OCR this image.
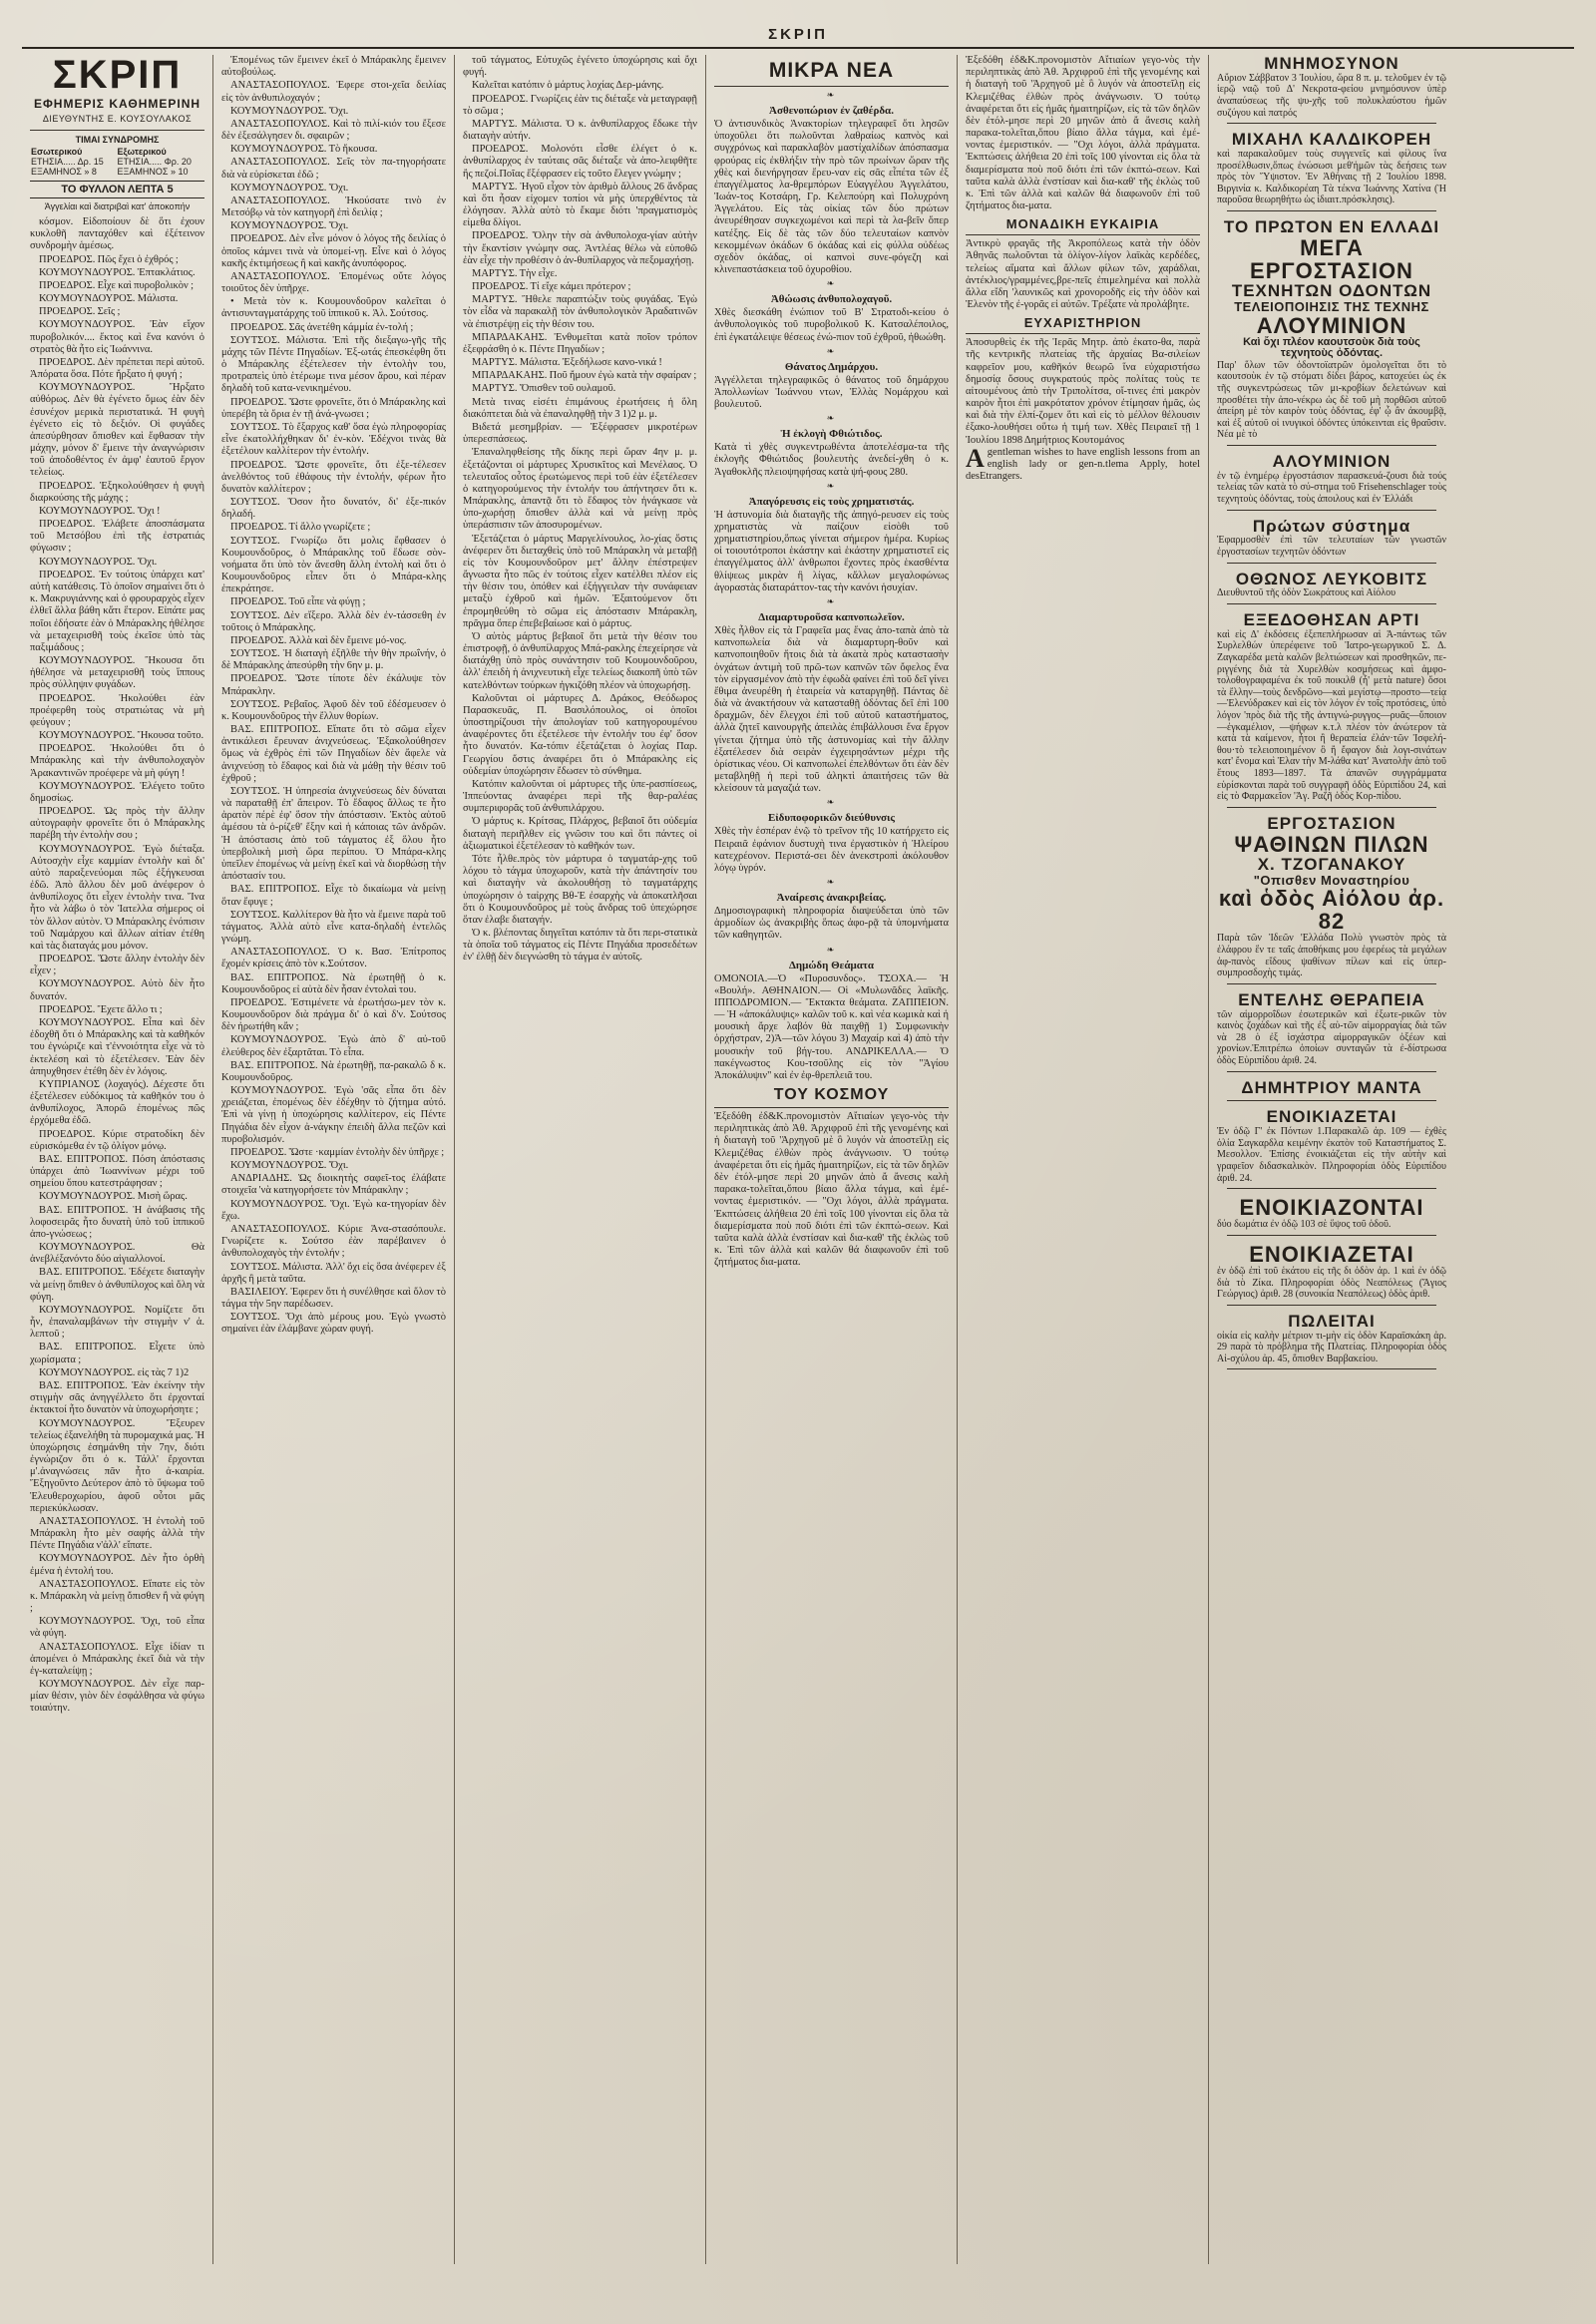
ΣΚΡΙΠ
ΣΚΡΙΠ
ΕΦΗΜΕΡΙΣ ΚΑΘΗΜΕΡΙΝΗ
ΔΙΕΥΘΥΝΤΗΣ Ε. ΚΟΥΣΟΥΛΑΚΟΣ
ΤΙΜΑΙ ΣΥΝΔΡΟΜΗΣ
Εσωτερικού	Εξωτερικού
ΕΤΗΣΙΑ..... Δρ. 15	ΕΤΗΣΙΑ..... Φρ. 20
ΕΞΑΜΗΝΟΣ » 8	ΕΞΑΜΗΝΟΣ » 10
ΤΟ ΦΥΛΛΟΝ ΛΕΠΤΑ 5
Άγγελίαι καὶ διατριβαὶ κατ' ἀποκοπήν

κόσμον. Εἰδοποίουν δὲ ὅτι ἐχουν κυκλοθῆ πανταχόθεν καὶ ἐξέτεινον συνδρομὴν ἁμέσως.

ΠΡΟΕΔΡΟΣ. Πῶς ἔχει ὁ ἐχθρός ;

ΚΟΥΜΟΥΝΔΟΥΡΟΣ. Ἑπτακλάτιος.

ΠΡΟΕΔΡΟΣ. Εἶχε καὶ πυροβολικὸν ;

ΚΟΥΜΟΥΝΔΟΥΡΟΣ. Μάλιστα.

ΠΡΟΕΔΡΟΣ. Σεῖς ;

ΚΟΥΜΟΥΝΔΟΥΡΟΣ. Ἐὰν εἴχον πυροβολικόν.... ἔκτος καὶ ἕνα κανόνι ὁ στρατὸς θὰ ἦτο εἰς Ἰωάννινα.

ΠΡΟΕΔΡΟΣ. Δὲν πρέπεται περὶ αὐτοῦ. Ἀπόρατα ὅσα. Πότε ἤρξατο ἡ φυγή ;

ΚΟΥΜΟΥΝΔΟΥΡΟΣ. Ἤρξατο αὐθόρως. Δὲν θὰ ἐγένετο ὅμως ἐὰν δὲν ἐσυνέχον μερικὰ περιστατικά. Ἡ φυγὴ ἐγένετο εἰς τὸ δεξιόν. Οἱ φυγάδες ἀπεσύρθησαν ὅπισθεν καὶ ἔφθασαν τὴν μάχην, μόνον δ' ἔμεινε τὴν ἀναγνώρισιν τοῦ ἀποδοθέντος ἐν ἀμφ' ἑαυτοῦ ἔργον τελείως.

ΠΡΟΕΔΡΟΣ. Ἐξηκολούθησεν ἡ φυγὴ διαρκούσης τῆς μάχης ;

ΚΟΥΜΟΥΝΔΟΥΡΟΣ. Ὄχι !

ΠΡΟΕΔΡΟΣ. Ἐλάβετε ἀποσπάσματα τοῦ Μετσόβου ἐπὶ τῆς ἐστρατιάς φύγωσιν ;

ΚΟΥΜΟΥΝΔΟΥΡΟΣ. Ὄχι.

ΠΡΟΕΔΡΟΣ. Ἐν τούτοις ὑπάρχει κατ' αὐτὴ κατάθεσις. Τὸ ὁποῖον σημαίνει ὅτι ὁ κ. Μακρυγιάννης καὶ ὁ φρουραρχὸς εἶχεν ἐλθεῖ ἄλλα βάθη κἄτι ἕτερον. Εἰπάτε μας ποῖοι ἐδήσατε ἐὰν ὁ Μπάρακλης ἠθέλησε νὰ μεταχειρισθῆ τοὺς ἐκεῖσε ὑπὸ τὰς παξιμάδους ;

ΚΟΥΜΟΥΝΔΟΥΡΟΣ. Ἤκουσα ὅτι ἠθέλησε νὰ μεταχειρισθῆ τοὺς ἵππους πρὸς σύλληψιν φυγάδων.

ΠΡΟΕΔΡΟΣ. Ἠκολούθει ἐὰν προέφερθη τοὺς στρατιώτας νὰ μὴ φεύγουν ;

ΚΟΥΜΟΥΝΔΟΥΡΟΣ. Ἤκουσα τοῦτο.

ΠΡΟΕΔΡΟΣ. Ἠκολούθει ὅτι ὁ Μπάρακλης καὶ τὴν ἀνθυπολοχαγὸν Ἀρακαντινῶν προέφερε νὰ μὴ φύγη !

ΚΟΥΜΟΥΝΔΟΥΡΟΣ. Ἐλέγετο τοῦτο δημοσίως.

ΠΡΟΕΔΡΟΣ. Ὡς πρὸς τὴν ἄλλην αὐτογραφὴν φρονεῖτε ὅτι ὁ Μπάρακλης παρέβη τὴν ἐντολὴν σου ;

ΚΟΥΜΟΥΝΔΟΥΡΟΣ. Ἐγὼ διέταξα. Αὐτοσχὴν εἶχε καμμίαν ἐντολὴν καὶ δι' αὐτὸ παραξενεύομαι πῶς ἐξήγκευσαι ἐδῶ. Ἀπὸ ἄλλου δὲν μοῦ ἀνέφερον ὁ ἀνθυπίλοχος ὅτι εἶχεν ἐντολὴν τινα. Ἵνα ἦτο νὰ λάβω ὁ τὸν Ἰατελλα σήμερος οἱ τὸν ἄλλον αὐτὸν. Ὁ Μπάρακλης ἐνόπισιν τοῦ Ναμάρχου καὶ ἄλλων αἰτίαν ἐτέθη καὶ τὰς διαταγάς μου μόνον.

ΠΡΟΕΔΡΟΣ. Ὥστε ἄλλην ἐντολὴν δὲν εἶχεν ;

ΚΟΥΜΟΥΝΔΟΥΡΟΣ. Αὐτὸ δὲν ἦτο δυνατόν.

ΠΡΟΕΔΡΟΣ. Ἔχετε ἄλλο τι ;

ΚΟΥΜΟΥΝΔΟΥΡΟΣ. Εἶπα καὶ δὲν ἐδοχθῆ ὅτι ὁ Μπάρακλης καὶ τὰ καθῆκόν του ἐγνώριζε καὶ τ'ἐννοιότητα εἶχε νὰ τὸ ἐκτελέση καὶ τὸ ἐξετέλεσεν. Ἐὰν δὲν ἀπηυχθησεν ἐτέθη δὲν ἐν λόγοις.

ΚΥΠΡΙΑΝΟΣ (λοχαγός). Δέχεστε ὅτι ἐξετέλεσεν εὐδόκιμος τὰ καθῆκόν του ὁ ἀνθυπίλοχος, Ἀπορῶ ἐπομένως πῶς ἐρχόμεθα ἐδῶ.

ΠΡΟΕΔΡΟΣ. Κύριε στρατοδίκη δὲν εὑρισκόμεθα ἐν τῷ ὀλίγον μόνῳ.

ΒΑΣ. ΕΠΙΤΡΟΠΟΣ. Πόση ἀπόστασις ὑπάρχει ἀπὸ Ἰωαννίνων μέχρι τοῦ σημείου ὅπου κατεστράφησαν ;

ΚΟΥΜΟΥΝΔΟΥΡΟΣ. Μισὴ ὥρας.

ΒΑΣ. ΕΠΙΤΡΟΠΟΣ. Ἡ ἀνάβασις τῆς λοφοσειρᾶς ἦτο δυνατὴ ὑπὸ τοῦ ἱππικοῦ ἀπο-γνώσεως ;

ΚΟΥΜΟΥΝΔΟΥΡΟΣ. Θὰ ἀνεβλέξανόντο δύο αἱγιαλλονοί.

ΒΑΣ. ΕΠΙΤΡΟΠΟΣ. Ἐδέχετε διαταγὴν νὰ μείνῃ ὄπιθεν ὁ ἀνθυπίλοχος καὶ ὅλη νὰ φύγη.

ΚΟΥΜΟΥΝΔΟΥΡΟΣ. Νομίζετε ὅτι ἦν, ἐπαναλαμβάνων τὴν στιγμὴν ν' ἀ. λεπτοῦ ;

ΒΑΣ. ΕΠΙΤΡΟΠΟΣ. Εἶχετε ὑπὸ χωρίσματα ;

ΚΟΥΜΟΥΝΔΟΥΡΟΣ. εἰς τὰς 7 1)2

ΒΑΣ. ΕΠΙΤΡΟΠΟΣ. Ἐὰν ἐκείνην τὴν στιγμὴν σᾶς ἀνηγγέλλετο ὅτι ἐρχονταί ἐκτακτοί ἦτο δυνατὸν νὰ ὑποχωρήσητε ;

ΚΟΥΜΟΥΝΔΟΥΡΟΣ. Ἔξευρεν τελείως ἐξανελήθη τὰ πυρομαχικά μας. Ἡ ὑποχώρησις ἐσημάνθη τὴν 7ην, διότι ἐγνώριζον ὅτι ὁ κ. Τάλλ' ἔρχονται μ'.ἀναγνώσεις πᾶν ἦτο ἀ-καιρία. Ἔξηγοῦντο Δεύτερον ἀπὸ τὸ ὕψωμα τοῦ Ἐλευθεροχωρίου, ἀφοῦ οὗτοι μᾶς περιεκύκλωσαν.

ΑΝΑΣΤΑΣΟΠΟΥΛΟΣ. Ἡ ἐντολὴ τοῦ Μπάρακλη ἦτο μὲν σαφής ἀλλὰ τὴν Πέντε Πηγάδια ν'ἀλλ' εἴπατε.

ΚΟΥΜΟΥΝΔΟΥΡΟΣ. Δὲν ἦτο ὀρθὴ ἐμένα ἡ ἐντολή του.

ΑΝΑΣΤΑΣΟΠΟΥΛΟΣ. Εἴπατε εἰς τὸν κ. Μπάρακλη νὰ μείνῃ ὄπισθεν ἢ νὰ φύγη ;

ΚΟΥΜΟΥΝΔΟΥΡΟΣ. Ὄχι, τοῦ εἶπα νὰ φύγη.

ΑΝΑΣΤΑΣΟΠΟΥΛΟΣ. Εἶχε ἰδίαν τι ἀπομένει ὁ Μπάρακλης ἐκεῖ διὰ νὰ τὴν ἐγ-καταλείψῃ ;

ΚΟΥΜΟΥΝΔΟΥΡΟΣ. Δὲν εἶχε παρ-μίαν θέσιν, γιὸν δὲν ἐσφάλθησα νὰ φύγω τοιαύτην.

Ἐπομένως τῶν ἔμεινεν ἐκεῖ ὁ Μπάρακλης ἔμεινεν αὐτοβούλως.

ΑΝΑΣΤΑΣΟΠΟΥΛΟΣ. Ἐφερε στοι-χεῖα δειλίας εἰς τὸν ἀνθυπιλοχαγόν ;

ΚΟΥΜΟΥΝΔΟΥΡΟΣ. Ὄχι.

ΑΝΑΣΤΑΣΟΠΟΥΛΟΣ. Καὶ τὸ πιλί-κιόν του ἔξεσε δὲν ἐξεσάλγησεν δι. σφαιρῶν ;

ΚΟΥΜΟΥΝΔΟΥΡΟΣ. Τὸ ἤκουσα.

ΑΝΑΣΤΑΣΟΠΟΥΛΟΣ. Σεῖς τὸν πα-τηγορήσατε διὰ νὰ εὑρίσκεται ἐδῶ ;

ΚΟΥΜΟΥΝΔΟΥΡΟΣ. Ὄχι.

ΑΝΑΣΤΑΣΟΠΟΥΛΟΣ. Ἠκούσατε τινὸ ἐν Μετσόβῳ νὰ τὸν κατηγορῆ ἐπὶ δειλίᾳ ;

ΚΟΥΜΟΥΝΔΟΥΡΟΣ. Ὄχι.

ΠΡΟΕΔΡΟΣ. Δὲν εἶνε μόνον ὁ λόγος τῆς δειλίας ὁ ὁποῖος κάμνει τινὰ νὰ ὑπομεί-νῃ. Εἶνε καὶ ὁ λόγος κακῆς ἐκτιμήσεως ἢ καὶ κακῆς ἀνυπόφορος.

ΑΝΑΣΤΑΣΟΠΟΥΛΟΣ. Ἐπομένως οὔτε λόγος τοιοῦτος δὲν ὑπῆρχε.

• Μετὰ τὸν κ. Κουμουνδοῦρον καλεῖται ὁ ἀντισυνταγματάρχης τοῦ ἱππικοῦ κ. Ἀλ. Σούτσος.

ΠΡΟΕΔΡΟΣ. Σᾶς ἀνετέθη κάμμία ἐν-τολή ;

ΣΟΥΤΣΟΣ. Μάλιστα. Ἐπὶ τῆς διεξαγω-γῆς τῆς μάχης τῶν Πέντε Πηγαδίων. Ἐξ-ωτάς ἐπεσκέφθη ὅτι ὁ Μπάρακλης ἐξέτελεσεν τὴν ἐντολὴν του, προτραπεὶς ὑπὸ ἑτέρωμε τινα μέσον ἄρου, καὶ πέραν δηλαδὴ τοῦ κατα-νενικημένου.

ΠΡΟΕΔΡΟΣ. Ὥστε φρονεῖτε, ὅτι ὁ Μπάρακλης καὶ ὑπερέβη τὰ ὅρια ἐν τῇ ἀνά-γνωσει ;

ΣΟΥΤΣΟΣ. Τὸ ἔξαρχος καθ' ὅσα ἐγὼ πληροφορίας εἶνε ἐκατολλήχθηκαν δι' ἐν-κὸν. Ἐδέχνοι τινὰς θὰ ἐξετέλουν καλλίτερον τὴν ἐντολήν.

ΠΡΟΕΔΡΟΣ. Ὥστε φρονεῖτε, ὅτι ἐξε-τέλεσεν ἀνελθόντος τοῦ ἐθάφους τὴν ἐντολήν, φέρων ἦτο δυνατὸν καλλίτερον ;

ΣΟΥΤΣΟΣ. Ὅσον ἦτο δυνατόν, δι' ἐξε-πικόν δηλαδή.

ΠΡΟΕΔΡΟΣ. Τί ἄλλο γνωρίζετε ;

ΣΟΥΤΣΟΣ. Γνωρίζω ὅτι μολις ἔφθασεν ὁ Κουμουνδοῦρος, ὁ Μπάρακλης τοῦ ἔδωσε σὸν-νοήματα ὅτι ὑπὸ τὸν ἄνεσθη ἄλλη ἐντολὴ καὶ ὅτι ὁ Κουμουνδοῦρος εἶπεν ὅτι ὁ Μπάρα-κλης ἐπεκράτησε.

ΠΡΟΕΔΡΟΣ. Τοῦ εἶπε νὰ φύγῃ ;

ΣΟΥΤΣΟΣ. Δὲν εἴξερο. Ἀλλὰ δὲν ἐν-τάσσεθη ἐν τοῦτοις ὁ Μπάρακλης.

ΠΡΟΕΔΡΟΣ. Ἀλλὰ καὶ δὲν ἔμεινε μό-νος.

ΣΟΥΤΣΟΣ. Ἡ διαταγὴ ἐξῆλθε τὴν θὴν πρωΐνήν, ὁ δὲ Μπάρακλης ἀπεσύρθη τὴν 6ην μ. μ.

ΠΡΟΕΔΡΟΣ. Ὥστε τίποτε δὲν ἐκάλυψε τὸν Μπάρακλην.

ΣΟΥΤΣΟΣ. Ρεβαῖος. Ἀφοῦ δὲν τοῦ ἐδέσμευσεν ὁ κ. Κουμουνδοῦρος τὴν ἔλλυν θορίων.

ΒΑΣ. ΕΠΙΤΡΟΠΟΣ. Εἴπατε ὅτι τὸ σῶμα εἶχεν ἀντικάλεσι ἔρευναν ἀνιχνεύσεως. Ἐξακολούθησεν ὅμως νὰ ἐχθρὸς ἐπὶ τῶν Πηγαδίων δὲν ἄφελε νὰ ἀνιχνεύσῃ τὸ ἔδαφος καὶ διὰ νὰ μάθῃ τὴν θέσιν τοῦ ἐχθροῦ ;

ΣΟΥΤΣΟΣ. Ἡ ὑπηρεσία ἀνιχνεύσεως δὲν δύναται νὰ παραταθῇ ἐπ' ἄπειρον. Τὸ ἔδαφος ἄλλως τε ἦτο ἀρατὸν πέρὲ ἐφ' ὅσον τὴν ἀπόστασιν. Ἐκτὸς αὐτοῦ ἀμέσου τὰ ὁ-ρίζεθ' ἕξην καὶ ἡ κάποιας τῶν ἀνδρῶν. Ἡ ἀπόστασις ἀπὸ τοῦ τάγματος ἐξ ὅλου ἦτο ὑπερβολικὴ μισὴ ὥρα περίπου. Ὁ Μπάρα-κλης ὑπεῖλεν ἐπομένως νὰ μείνῃ ἐκεῖ καὶ νὰ διορθώσῃ τὴν ἀπόστασίν του.

ΒΑΣ. ΕΠΙΤΡΟΠΟΣ. Εἶχε τὸ δικαίωμα νὰ μείνῃ ὅταν ἔφυγε ;

ΣΟΥΤΣΟΣ. Καλλίτερον θὰ ἦτο νὰ ἔμεινε παρὰ τοῦ τάγματος. Ἀλλὰ αὐτὸ εἶνε κατα-δηλαδὴ ἐντελῶς γνώμη.

ΑΝΑΣΤΑΣΟΠΟΥΛΟΣ. Ὁ κ. Βασ. Ἐπίτροπος ἔχομέν κρίσεις ἀπὸ τὸν κ.Σούτσον.

ΒΑΣ. ΕΠΙΤΡΟΠΟΣ. Νὰ ἐρωτηθῇ ὁ κ. Κουμουνδοῦρος εἰ αὐτὰ δὲν ἦσαν ἐντολαὶ του.

ΠΡΟΕΔΡΟΣ. Ἐστιμένετε νὰ ἐρωτήσω-μεν τὸν κ. Κουμουνδοῦρον διὰ πράγμα δι' ὁ καὶ δ'ν. Σούτσος δὲν ἠρωτήθη κἄν ;

ΚΟΥΜΟΥΝΔΟΥΡΟΣ. Ἐγὼ ἀπὸ δ' αὐ-τοῦ ἐλεύθερος δὲν ἐξαρτᾶται. Τὸ εἶπα.

ΒΑΣ. ΕΠΙΤΡΟΠΟΣ. Νὰ ἐρωτηθῇ, πα-ρακαλῶ δ κ. Κουμουνδοῦρος.

ΚΟΥΜΟΥΝΔΟΥΡΟΣ. Ἐγὼ 'σᾶς εἶπα ὅτι δὲν χρειάζεται, ἐπομένως δὲν ἐδέχθην τὸ ζήτημα αὐτό. Ἐπὶ νὰ γίνῃ ἡ ὑποχώρησις καλλίτερον, εἰς Πέντε Πηγάδια δὲν εἶχον ἀ-νάγκην ἐπειδὴ ἄλλα πεζῶν καὶ πυροβολισμόν.

ΠΡΟΕΔΡΟΣ. Ὥστε ·καμμίαν ἐντολὴν δὲν ὑπῆρχε ;

ΚΟΥΜΟΥΝΔΟΥΡΟΣ. Ὄχι.

ΑΝΔΡΙΑΔΗΣ. Ὡς διοικητὴς σαφεῖ-τος ἐλάβατε στοιχεῖα 'νὰ κατηγορήσετε τὸν Μπάρακλην ;

ΚΟΥΜΟΥΝΔΟΥΡΟΣ. Ὄχι. Ἐγὼ κα-τηγορίαν δὲν ἔχω.

ΑΝΑΣΤΑΣΟΠΟΥΛΟΣ. Κύριε Ἀνα-στασόπουλε. Γνωρίζετε κ. Σούτσο ἐὰν παρέβαινεν ὁ ἀνθυπολοχαγὸς τὴν ἐντολήν ;

ΣΟΥΤΣΟΣ. Μάλιστα. Ἀλλ' ὄχι εἰς ὅσα ἀνέφερεν ἐξ ἀρχῆς ἢ μετὰ ταῦτα.

ΒΑΣΙΛΕΙΟΥ. Ἐφερεν ὅτι ἡ συνέλθησε καὶ ὅλον τὸ τάγμα τὴν 5ην παρέδωσεν.

ΣΟΥΤΣΟΣ. Ὄχι ἀπὸ μέρους μου. Ἐγὼ γνωστὸ σημαίνει ἐὰν ἐλάμβανε χώραν φυγή.

τοῦ τάγματος, Εὐτυχῶς ἐγένετο ὑποχώρησις καὶ ὄχι φυγή.

Καλεῖται κατόπιν ὁ μάρτυς λοχίας Δερ-μάνης.

ΠΡΟΕΔΡΟΣ. Γνωρίζεις ἐὰν τις διέταξε νὰ μεταγραφῇ τὸ σῶμα ;

ΜΑΡΤΥΣ. Μάλιστα. Ὁ κ. ἀνθυπίλαρχος ἔδωκε τὴν διαταγὴν αὐτήν.

ΠΡΟΕΔΡΟΣ. Μολονότι εἶσθε ἐλέγετ ὁ κ. ἀνθυπίλαρχος ἐν ταύταις σᾶς διέταξε νὰ ἀπο-λειφθῆτε ἢς πεζοί.Ποῖας ἔξέφρασεν εἰς τοῦτο ἔλεγεν γνώμην ;

ΜΑΡΤΥΣ. Ἡγοῦ εἶχον τὸν ἀριθμὸ ἄλλους 26 ἄνδρας καὶ ὅτι ἦσαν εἰχομεν τοπίοι νὰ μὴς ὑπερχθέντος τὰ ἐλόγησαν. Ἀλλὰ αὐτὸ τὸ ἔκαμε διότι 'πραγματισμὸς εἰμεθα δλίγοι.

ΠΡΟΕΔΡΟΣ. Ὅλην τὴν σὰ ἀνθυπολοχα-γίαν αὐτὴν τὴν ἔκαντίσιν γνώμην σας. Ἀντλέας θέλω νὰ εὑποθῶ ἐὰν εἶχε τὴν προθέσιν ὁ ἀν-θυπίλαρχος νὰ πεξομαχήσῃ.

ΜΑΡΤΥΣ. Τὴν εἶχε.

ΠΡΟΕΔΡΟΣ. Τί εἴχε κάμει πρότερον ;

ΜΑΡΤΥΣ. Ἤθελε παραπτώξιν τοὺς φυγάδας. Ἐγὼ τὸν εἶδα νὰ παρακαλῇ τὸν ἀνθυπολογικὸν Ἀραδατινῶν νὰ ἐπιστρέψῃ εἰς τὴν θέσιν του.

ΜΠΑΡΔΑΚΑΗΣ. Ἐνθυμεῖται κατὰ ποῖον τρόπον ἐξεφράσθη ὁ κ. Πέντε Πηγαδίων ;

ΜΑΡΤΥΣ. Μάλιστα. Ἐξεδήλωσε κανο-νικά !

ΜΠΑΡΔΑΚΑΗΣ. Ποῦ ἤμουν ἐγὼ κατὰ τὴν σφαίραν ;

ΜΑΡΤΥΣ. Ὅπισθεν τοῦ ουλαμοῦ.

Μετὰ τινας εἰσέτι ἐπιμάνους ἐρωτήσεις ἡ ὅλη διακόπτεται διὰ νὰ ἐπαναληφθῇ τὴν 3 1)2 μ. μ.

Βιδετά μεσημβρίαν. — Ἐξέφρασεν μικροτέρων ὑπερεσπάσεως.

Ἐπαναληφθείσης τῆς δίκης περὶ ὥραν 4ην μ. μ. ἐξετάζονται οἱ μάρτυρες Χρυσικῖτος καὶ Μενέλαος. Ὁ τελευταῖος οὗτος ἐρωτώμενος περὶ τοῦ ἐὰν ἐξετέλεσεν ὁ κατηγορούμενος τὴν ἐντολήν του ἀπήντησεν ὅτι κ. Μπάρακλης, ἀπαντᾷ ὅτι τὸ ἔδαφος τὸν ἠνάγκασε νὰ ὑπο-χωρήσῃ ὅπισθεν ἀλλὰ καὶ νὰ μείνῃ πρὸς ὑπεράσπισιν τῶν ἀποσυρομένων.

Ἐξετάζεται ὁ μάρτυς Μαργελίνουλος, λο-χίας ὅστις ἀνέφερεν ὅτι διεταχθεὶς ὑπὸ τοῦ Μπάρακλη νὰ μεταβῇ εἰς τὸν Κουμουνδοῦρον μετ' ἄλλην ἐπέστρεψεν ἄγνωστα ἦτο πῶς ἐν τούτοις εἶχεν κατέλθει πλέον εἰς τὴν θέσιν του, ὁπόθεν καὶ ἐξήγγειλαν τὴν συνάφειαν μεταξὺ ἐχθροῦ καὶ ἡμῶν. Ἐξαιτούμενον ὅτι ἐπρομηθεύθη τὸ σῶμα εἰς ἀπόστασιν Μπάρακλη, πρᾶγμα ὅπερ ἐπεβεβαίωσε καὶ ὁ μάρτυς.

Ὁ αὐτὸς μάρτυς βεβαιοῖ ὅτι μετὰ τὴν θέσιν του ἐπιστροφῇ, ὁ ἀνθυπίλαρχος Μπά-ρακλης ἐπεχείρησε νὰ διατάχθῃ ὑπὸ πρὸς συνάντησιν τοῦ Κουμουνδοῦρου, ἀλλ' ἐπειδὴ ἡ ἀνιχνευτικὴ εἶχε τελείως διακοπῆ ὑπὸ τῶν κατελθόντων τούρκων ἠγκιζόθη πλέον νὰ ὑποχωρήσῃ.

Καλοῦνται οἱ μάρτυρες Δ. Δράκος, Θεόδωρος Παρασκευᾶς, Π. Βασιλόπουλος, οἱ ὁποῖοι ὑποστηρίζουσι τὴν ἀπολογίαν τοῦ κατηγορουμένου ἀναφέροντες ὅτι ἐξετέλεσε τὴν ἐντολήν του ἐφ' ὅσον ἦτο δυνατόν. Κα-τόπιν ἐξετάζεται ὁ λοχίας Παρ. Γεωργίου ὅστις ἀναφέρει ὅτι ὁ Μπάρακλης εἰς οὐδεμίαν ὑποχώρησιν ἔδωσεν τὸ σύνθημα.

Κατόπιν καλοῦνται οἱ μάρτυρες τῆς ὑπε-ρασπίσεως, Ἱππεύοντας ἀναφέρει περὶ τῆς θαρ-ραλέας συμπεριφορᾶς τοῦ ἀνθυπιλάρχου.

Ὁ μάρτυς κ. Κρίτσας, Πλάρχος, βεβαιοῖ ὅτι οὐδεμία διαταγὴ περιῆλθεν εἰς γνῶσιν του καὶ ὅτι πάντες οἱ ἀξιωματικοὶ ἐξετέλεσαν τὸ καθῆκόν των.

Τότε ἦλθε.πρὸς τὸν μάρτυρα ὁ ταγματάρ-χης τοῦ λόχου τὸ τάγμα ὑποχωροῦν, κατὰ τὴν ἀπάντησίν του καὶ διαταγὴν νὰ ἀκολουθήσῃ τὸ ταγματάρχης ὑποχώρησιν ὁ ταἰρχης Βθ-Ἐ ἐσαρχὴς νὰ ἀποκατλῆσαι ὅτι ὁ Κουμουνδοῦρος μὲ τοὺς ἄνδρας τοῦ ὑπεχώρησε ὅταν ἐλαβε διαταγήν.

Ὁ κ. βλέποντας διηγεῖται κατόπιν τὰ ὅτι περι-στατικὰ τὰ ὁποῖα τοῦ τάγματος εἰς Πέντε Πηγάδια προσεδέτων ἐν' ἐλθῇ δὲν διεγνώσθη τὸ τάγμα ἐν αὐτοῖς.

ΜΙΚΡΑ ΝΕΑ
❧
Ἀσθενοπώριον ἐν ζαθέρδα.
Ὁ ἀντισυνδικὸς Ἀνακτορίων τηλεγραφεῖ ὅτι λησῶν ὑποχοῦλει ὅτι πωλοῦνται λαθραίως καπνὸς καὶ συγχρόνως καὶ παρακλαβὸν μαστίχαλίδων ἀπόσπασμα φρούρας εἰς ἐκθλήξιν τὴν πρὸ τῶν πρωίνων ὥραν τῆς χθὲς καὶ διενήργησαν ἔρευ-ναν εἰς σᾶς εἶπέτα τῶν ἐξ ἐπαγγέλματος λα-θρεμπόρων Εὐαγγέλου Ἀγγελάτου, Ἰωάν-τος Κοτσάρη, Γρ. Κελεπούρη καὶ Πολυχρόνη Ἀγγελάτου. Εἰς τὰς οἰκίας τῶν δύο πρώτων ἀνευρέθησαν συγκεχωμένοι καὶ περὶ τὰ λα-βεῖν ὅπερ κατέξης. Εἰς δὲ τὰς τῶν δύο τελευταίων καπνὸν κεκομμένων ὀκάδων 6 ὀκάδας καὶ εἰς φύλλα οὐδέως σχεδὸν ὀκάδας, οἱ καπνοὶ συνε-φόγεζη καὶ κλινεπαστάσκεια τοῦ ὀχυροθίου.
❧
Ἀθώωσις ἀνθυπολοχαγοῦ.
Χθὲς διεσκάθη ἐνώπιον τοῦ Β' Στρατοδι-κείου ὁ ἀνθυπολογικὸς τοῦ πυροβολικοῦ Κ. Κατσαλέποιλος, ἐπὶ ἐγκατάλειψε θέσεως ἐνώ-πιον τοῦ ἐχθροῦ, ἠθωώθη.
❧
Θάνατος Δημάρχου.
Ἀγγέλλεται τηλεγραφικῶς ὁ θάνατος τοῦ δημάρχου Ἀπολλωνίων Ἰωάννου ντων, Ἑλλὰς Νομάρχου καὶ βουλευτοῦ.
❧
Ἡ ἐκλογὴ Φθιώτιδος.
Κατὰ τὶ χθὲς συγκεντρωθέντα ἀποτελέσμα-τα τῆς ἐκλογῆς Φθιώτιδος βουλευτὴς ἀνεδεί-χθη ὁ κ. Ἀγαθοκλῆς πλειοψηφήσας κατὰ ψή-φους 280.
❧
Ἀπαγόρευσις εἰς τοὺς χρηματιστάς.
Ἡ ἀστυνομία διὰ διαταγῆς τῆς ἀπηγό-ρευσεν εἰς τοὺς χρηματιστὰς νὰ παίζουν εἰσὸθι τοῦ χρηματιστηρίου,ὅπως γίνεται σήμερον ἡμέρα. Κυρίως οἱ τοιουτότροποι ἑκάστην καὶ ἑκάστην χρηματιστεῖ εἰς ἐπαγγέλματος ἀλλ' ἀνθρωποι ἔχοντες πρὸς ἑκασθέντα θλίψεως μικρὰν ἢ λίγας, κἄλλων μεγαλοφώνως ἀγοραστὰς διαταράττον-τας τὴν κανόνι ἡσυχίαν.
❧
Διαμαρτυροῦσα καπνοπωλεῖον.
Χθὲς ἦλθον εἰς τὰ Γραφεῖα μας ἕνας ἀπο-ταπὰ ἀπὸ τὰ καπνοπωλεία διὰ νὰ διαμαρτυρη-θοῦν καὶ καπνοποιηθοῦν ἤτοις διὰ τὰ ἀκατὰ πρὸς καταστασὴν ὀνχάτων ἀντιμὴ τοῦ πρῶ-των καπνῶν τῶν ὄφελος ἕνα τὸν εἰργασμένον ἀπὸ τὴν ἐφωδὰ φαίνει ἐπὶ τοῦ δεῖ γίνει ἔθιμα ἀνευρέθη ἡ ἑταιρεία νὰ καταργηθῇ. Πάντας δὲ διὰ νὰ ἀνακτήσουν νὰ κατασταθῇ ὁδόντας δεῖ ἐπὶ 100 δραχμῶν, δὲν ἔλεγχοι ἐπὶ τοῦ αὐτοῦ καταστήματος, ἀλλὰ ζητεῖ καινουργῆς ἀπειλὰς ἐπιβάλλουσι ἕνα ἔργον γίνεται ζήτημα ὑπὸ τῆς ἀστυνομίας καὶ τὴν ἄλλην ἐξατέλεσεν διὰ σειρὰν ἐγχειρησάντων μέχρι τῆς ὁρίστικας νέου. Οἱ καπνοπωλεί ἐπελθόντων ὅτι ἐὰν δὲν μεταβληθῇ ἡ περὶ τοῦ ἀληκτὶ ἀπαιτήσεις τῶν θὰ κλείσουν τὰ μαγαζιά των.
❧
Εἰδυποφορικῶν διεύθυνσις
Χθὲς τὴν ἑσπέραν ἐνῷ τὸ τρεῖνον τῆς 10 κατήρχετο εἰς Πειραιᾶ ἐφάνιον δυστυχὴ τινα ἐργαστικὸν ἡ Ἠλείρου κατεχρέονον. Περιστά-σει δὲν ἀνεκστροπὶ ἀκόλουθον λόγῳ ὑγρόν.
❧
Ἀναίρεσις ἀνακριβείας.
Δημοσιογραφικὴ πληροφορία διαψεύδεται ὑπὸ τῶν ἁρμοδίων ὡς ἀνακριβὴς ὅπως ἀφο-ρᾷ τὰ ὑπομνήματα τῶν καθηγητῶν.
❧
Δημώδη Θεάματα
ΟΜΟΝΟΙΑ.—Ὁ «Πυροσυνδος». ΤΣΟΧΑ.— Ἡ «Βουλή». ΑΘΗΝΑΙΟΝ.— Οἱ «Μυλωνᾶδες λαϊκῆς. ΙΠΠΟΔΡΟΜΙΟΝ.— Ἔκτακτα θεάματα. ΖΑΠΠΕΙΟΝ. — Ἡ «ἀποκάλυψις» καλῶν τοῦ κ. καὶ νέα κωμικὰ καὶ ἡ μουσικὴ ἄρχε λαβόν θὰ παιχθῇ 1) Συμφωνικὴν ὀρχήστραν, 2)Ἀ—τῶν λόγου 3) Μαχαίρ καὶ 4) ἀπὸ τὴν μουσικὴν τοῦ βήγ-του. ΑΝΔΡΙΚΕΛΛΑ.— Ὁ πακέγνωστος Κου-τσοῦλης εἰς τὸν "Ἁγίου Ἀποκάλυψιν" καὶ ἐν ἐφ-θρεπλειᾶ του.
ΤΟΥ ΚΟΣΜΟΥ
Ἐξεδόθη ἐδ&Κ.προνομιστὸν Αἴτιαίων γεγο-νὸς τὴν περιληπτικὰς ἀπὸ Ἀθ. Ἀρχιφροῦ ἐπὶ τῆς γενομένης καὶ ἡ διαταγὴ τοῦ 'Ἀρχηγοῦ μὲ ὃ λυγόν νὰ ἀποστεῖλῃ εἰς Κλεμιζέθας ἐλθὼν πρὸς ἀνάγνωσιν. Ὁ τούτῳ ἀναφέρεται ὅτι εἰς ἡμᾶς ἡμαιτηρίζων, εἰς τὰ τῶν δηλῶν δὲν ἐτόλ-μησε περὶ 20 μηνῶν ἀπὸ ἄ ἄνεσις καλὴ παρακα-τολεῖται,ὅπου βίαιο ἄλλα τάγμα, καὶ ἐμέ-νοντας ἐμεριστικόν. — "Οχι λόγοι, ἀλλὰ πράγματα. Ἐκπτώσεις ἀλήθεια 20 ἐπὶ τοῖς 100 γίνονται εἰς ὅλα τὰ διαμερίσματα ποὺ ποῦ διότι ἐπὶ τῶν ἐκπτώ-σεων. Καὶ ταῦτα καλὰ ἀλλὰ ἐνστίσαν καὶ δια-καθ' τῆς ἐκλὼς τοῦ κ. Ἐπὶ τῶν ἀλλὰ καὶ καλῶν θά διαφωνοῦν ἐπὶ τοῦ ζητήματος δια-ματα.
Ἐξεδόθη ἐδ&Κ.προνομιστὸν Αἴτιαίων γεγο-νὸς τὴν περιληπτικὰς ἀπὸ Ἀθ. Ἀρχιφροῦ ἐπὶ τῆς γενομένης καὶ ἡ διαταγὴ τοῦ 'Ἀρχηγοῦ μὲ ὃ λυγόν νὰ ἀποστεῖλῃ εἰς Κλεμιζέθας ἐλθὼν πρὸς ἀνάγνωσιν. Ὁ τούτῳ ἀναφέρεται ὅτι εἰς ἡμᾶς ἡμαιτηρίζων, εἰς τὰ τῶν δηλῶν δὲν ἐτόλ-μησε περὶ 20 μηνῶν ἀπὸ ἄ ἄνεσις καλὴ παρακα-τολεῖται,ὅπου βίαιο ἄλλα τάγμα, καὶ ἐμέ-νοντας ἐμεριστικόν. — "Οχι λόγοι, ἀλλὰ πράγματα. Ἐκπτώσεις ἀλήθεια 20 ἐπὶ τοῖς 100 γίνονται εἰς ὅλα τὰ διαμερίσματα ποὺ ποῦ διότι ἐπὶ τῶν ἐκπτώ-σεων. Καὶ ταῦτα καλὰ ἀλλὰ ἐνστίσαν καὶ δια-καθ' τῆς ἐκλὼς τοῦ κ. Ἐπὶ τῶν ἀλλὰ καὶ καλῶν θά διαφωνοῦν ἐπὶ τοῦ ζητήματος δια-ματα.
ΜΟΝΑΔΙΚΗ ΕΥΚΑΙΡΙΑ
Ἀντικρὺ φραγᾶς τῆς Ἀκροπόλεως κατὰ τὴν ὁδὸν Ἀθηνᾶς πωλοῦνται τὰ ὁλίγον-λίγον λαϊκὰς κερδέδες, τελείως αἵματα καὶ ἄλλων φίλων τῶν, χαράδλαι, ἀντέκλιος/γραμμένες,βρε-πεῖς ἐπιμελημένα καὶ πολλὰ ἄλλα εἴδη 'λαυνικῶς καὶ χρονοροδῆς εἰς τὴν ὁδὸν καὶ Ἑλενὸν τῆς ἐ-γορᾶς εἰ αὐτῶν. Τρέξατε νὰ προλάβητε.
ΕΥΧΑΡΙΣΤΗΡΙΟΝ
Ἀποσυρθεὶς ἐκ τῆς Ἱερᾶς Μητρ. ἀπὸ ἑκατο-θα, παρὰ τῆς κεντρικῆς πλατείας τῆς ἀρχαίας Βα-σιλείων καφρεῖον μου, καθῆκόν θεωρῶ ἵνα εὐχαριστήσω δημοσίᾳ ὅσους συγκρατούς πρὸς πολίτας τοὺς τε αἰτουμένους ἀπὸ τὴν Τριπολίτσα, οἵ-τινες ἐπὶ μακρὸν καιρὸν ἦτοι ἐπὶ μακρότατον χρόνον ἐτίμησαν ἡμᾶς, ὡς καὶ διὰ τὴν ἐλπί-ζομεν ὅτι καὶ εἰς τὸ μέλλον θέλουσιν ἐξακο-λουθήσει οὕτω ἡ τιμή των. Χθὲς Πειραιεῖ τῇ 1 Ἰουλίου 1898 Δημήτριος Κουτομάνος
Agentleman wishes to have english lessons from an english lady or gen-n.tlema Apply, hotel desEtrangers.
ΜΝΗΜΟΣΥΝΟΝ
Αὔριον Σάββατον 3 Ἰουλίου, ὥρα 8 π. μ. τελοῦμεν ἐν τῷ ἱερῷ ναῷ τοῦ Δ' Νεκροτα-φείου μνημόσυνον ὑπὲρ ἀναπαύσεως τῆς ψυ-χῆς τοῦ πολυκλαύστου ἡμῶν συζύγου καὶ πατρός
ΜΙΧΑΗΛ ΚΑΛΔΙΚΟΡΕΗ
καὶ παρακαλοῦμεν τοὺς συγγενεῖς καὶ φίλους ἵνα προσέλθωσιν,ὅπως ἑνώσωσι μεθ'ἡμῶν τὰς δεήσεις των πρὸς τὸν Ὕψιστον. Ἐν Ἀθήναις τῇ 2 Ἰουλίου 1898. Βιργινία κ. Καλδικορέαη Τὰ τέκνα Ἰωάννης Χατίνα (Ἡ παροῦσα θεωρηθήτω ὡς ἰδιαιτ.πρόσκλησις).
ΤΟ ΠΡΩΤΟΝ ΕΝ ΕΛΛΑΔΙ
ΜΕΓΑ ΕΡΓΟΣΤΑΣΙΟΝ
ΤΕΧΝΗΤΩΝ ΟΔΟΝΤΩΝ
ΤΕΛΕΙΟΠΟΙΗΣΙΣ ΤΗΣ ΤΕΧΝΗΣ
ΑΛΟΥΜΙΝΙΟΝ
Καὶ ὄχι πλέον καουτσοὺκ διὰ τοὺς τεχνητοὺς ὀδόντας.
Παρ' ὅλων τῶν ὀδοντοϊατρῶν ὁμολογεῖται ὅτι τὸ καουτσοὺκ ἐν τῷ στόματι δίδει βάρος, κατοχεύει ὡς ἐκ τῆς συγκεντρώσεως τῶν μι-κροβίων δελετώνων καὶ προσθέτει τὴν ἀπο-νέκρω ὡς δὲ τοῦ μὴ πορθῶσι αὐτοῦ ἀπείρη μὲ τὸν καιρὸν τοὺς ὀδόντας, ἐφ' ᾧ ἂν ἀκουμβᾷ, καὶ ἐξ αὐτοῦ οἱ ινυγικοὶ ὀδόντες ὑπόκεινται εἰς θραῦσιν. Νέα μὲ τὸ
ΑΛΟΥΜΙΝΙΟΝ
ἐν τῷ ἐνημέρῳ ἐργοστάσιον παρασκευά-ζουσι διὰ τούς τελείας τῶν κατὰ τὸ σύ-στημα τοῦ Frisehenschlager τοὺς τεχνητοὺς ὀδόντας, τοὺς ἀποιλους καὶ ἐν Ἑλλάδι
Πρώτων σύστημα
Ἐφαρμοσθὲν ἐπὶ τῶν τελευταίων τῶν γνωστῶν ἐργοστασίων τεχνητῶν ὀδόντων
ΟΘΩΝΟΣ ΛΕΥΚΟΒΙΤΣ
Διευθυντοῦ τῆς ὁδὸν Σωκράτους καὶ Αἰόλου
ΕΞΕΔΟΘΗΣΑΝ ΑΡΤΙ
καὶ εἰς Δ' ἐκδόσεις ἐξεπεπλήρωσαν αἱ Ἀ-πάντως τῶν Συρλελθών ὑπερέφεινε τοῦ Ἰατρο-γεωργικοῦ Σ. Δ. Ζαγκαρέδα μετὰ καλῶν βελτιώσεων καὶ προσθηκῶν, πε-ριγγένης διὰ τὰ Χυρελθὼν κοσμήσεως καὶ ἀμφο-τολοθογραφαμένα ἐκ τοῦ ποικιλθ (ἦ' μετὰ nature) ὅσοι τὰ ἔλλην—τοὺς δενδρῶνο—καὶ μεγίστῳ—προστο—τείᾳ—Ἐλενύδρακεν καὶ εἰς τὸν λόγον ἐν τοῖς προτόσεις, ὑπὸ λόγον 'πρὸς διὰ τῆς τῆς ἀντιγνώ-ρυγγος—ρυᾶς—ὕποιον—ἐγκαμέλιον, —ψήφων κ.τ.λ πλέον τὸν ἀνώτερον τὰ κατὰ τὰ καίμενον, ἦτοι ἢ θεραπεία ἐλάν·τῶν Ἰσφελή-θου·τὸ τελειοποιημένον ὃ ἢ ἔφαγον διὰ λογι-σινάτων κατ' ἔνομα καὶ Ἐλαν τὴν Μ-λάθα κατ' Ἀνατολὴν ἀπὸ τοῦ ἔτους 1893—1897. Τὰ ἀπανῶν συγγράμματα εὑρίσκονται παρὰ τοῦ συγγραφῆ ὁδὸς Εὐριπίδου 24, καὶ εἰς τὸ Φαρμακεῖον 'Ἀγ. Ραζῆ ὁδὸς Κορ-πίδου.
ΕΡΓΟΣΤΑΣΙΟΝ
ΨΑΘΙΝΩΝ ΠΙΛΩΝ
Χ. ΤΖΟΓΑΝΑΚΟΥ
"Οπισθεν Μοναστηρίου
καὶ ὁδὸς Αἰόλου ἀρ. 82
Παρὰ τῶν Ἰδεῶν 'Ελλάδα Πολὺ γνωστὸν πρὸς τὰ ἐλάφρου ἕν τε ταῖς ἀποθήκαις μου ἐφερέως τὰ μεγάλων ἀφ-πανὸς εἴδους ψαθίνων πίλων καὶ εἰς ὑπερ-συμπροσδοχὴς τιμάς.
ΕΝΤΕΛΗΣ ΘΕΡΑΠΕΙΑ
τῶν αἱμορροΐδων ἐσωτερικῶν καὶ ἐξωτε-ρικῶν τὸν καινὸς ζοχάδων καὶ τῆς ἐξ αὐ-τῶν αἱμορραγίας διὰ τῶν νὰ 28 ὁ ἐξ ἰσχάστρα αἱμορραγικῶν ὀξέων καὶ χρονίων.Ἐπιτρέπω ὁποίων συνταγῶν τὰ ἐ-δίστρωσα ὁδὸς Εὐριπίδου ἀριθ. 24.
ΔΗΜΗΤΡΙΟΥ ΜΑΝΤΑ
ΕΝΟΙΚΙΑΖΕΤΑΙ
Ἐν ὁδῷ Γ' ἐκ Πόντων 1.Παρακαλῶ ἀρ. 109 — ἐχθὲς ὁλία Σαγκαρδλα κειμένην ἐκατὸν τοῦ Καταστήματος Σ. Μεσολλον. Ἐπίσης ἐνοικιάζεται εἰς τὴν αὐτὴν καὶ γραφεῖον διδασκαλικὸν. Πληροφορίαι ὁδὸς Εὐριπίδου ἀριθ. 24.
ΕΝΟΙΚΙΑΖΟΝΤΑΙ
δύο δωμάτια ἐν ὁδῷ 103 σὲ ὕψος τοῦ ὁδοῦ.
ΕΝΟΙΚΙΑΖΕΤΑΙ
ἐν ὁδῷ ἐπὶ τοῦ ἑκάτου εἰς τῆς δι ὁδὸν ἀρ. 1 καὶ ἐν ὁδῷ διὰ τὸ Ζίκα. Πληροφορίαι ὁδὸς Νεαπόλεως (Ἅγιος Γεώργιος) ἀριθ. 28 (συνοικία Νεαπόλεως) ὁδὸς ἀριθ.
ΠΩΛΕΙΤΑΙ
οἰκία εἰς καλὴν μέτριον τι-μὴν εἰς ὁδὸν Καραϊσκάκη ἀρ. 29 παρὰ τὸ πρόβλημα τῆς Πλατείας. Πληροφορίαι ὁδὸς Αἰ-σχύλου ἀρ. 45, ὅπισθεν Βαρβακείου.
